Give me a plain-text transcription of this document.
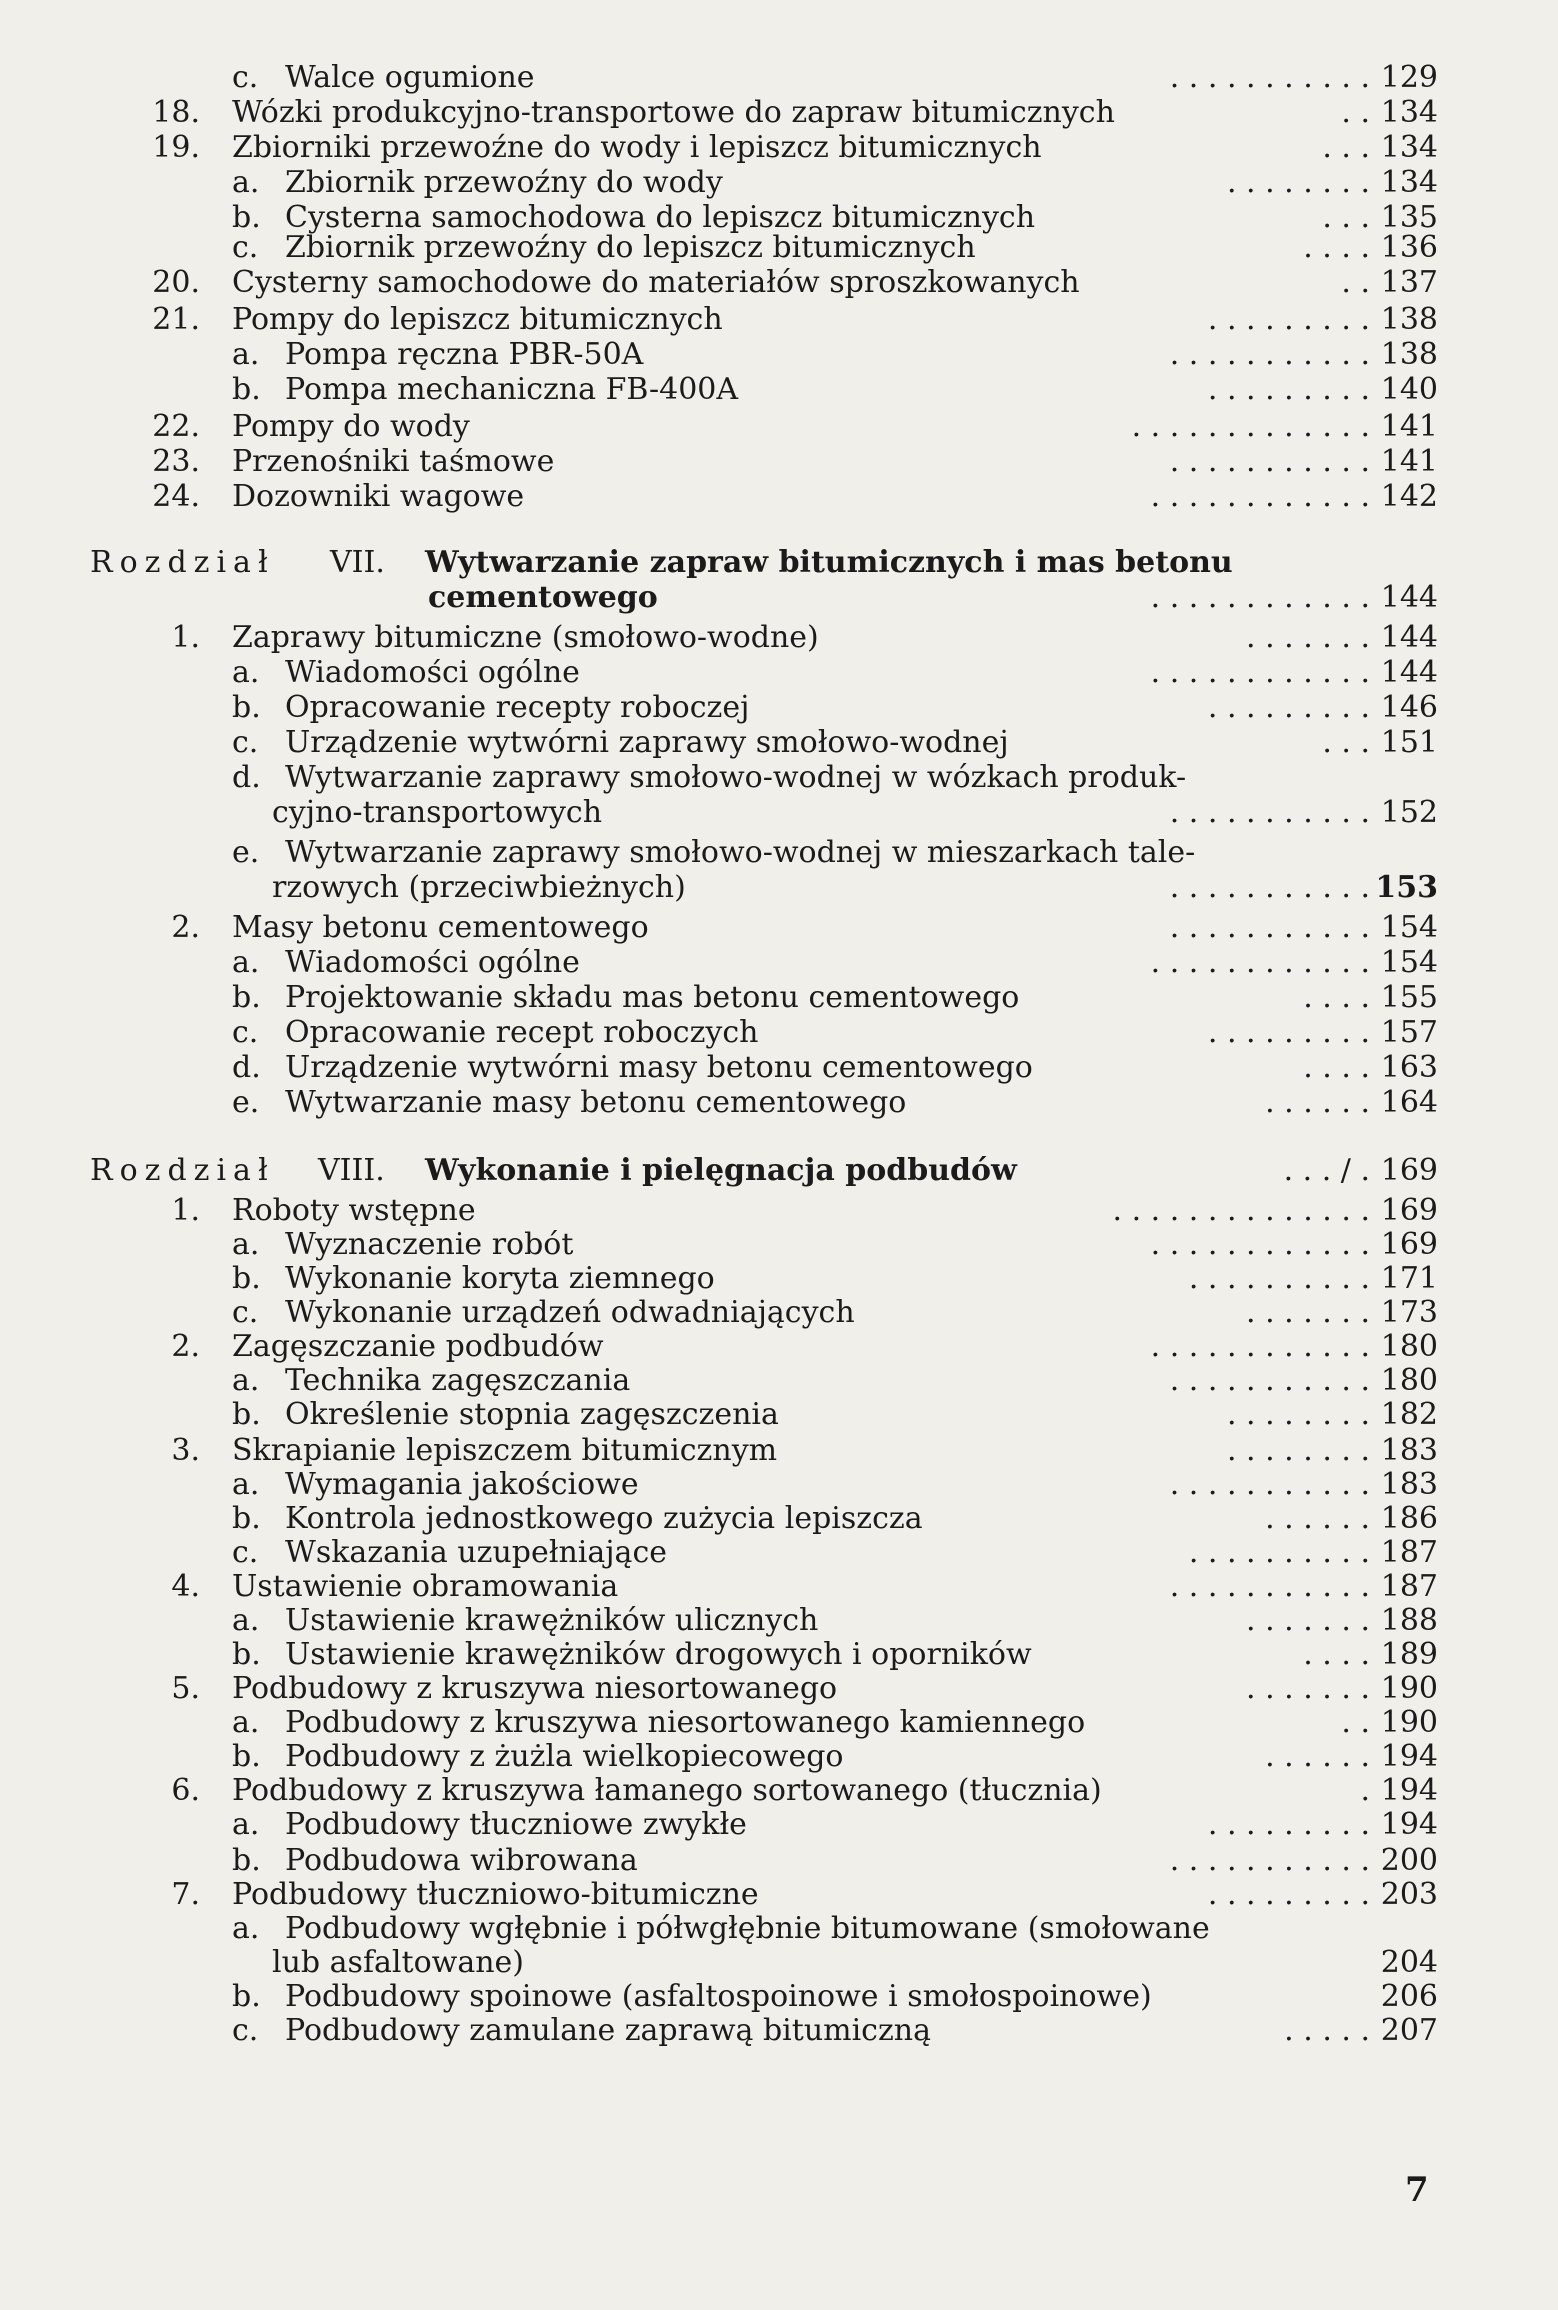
c. Walce ogumione	. . . . . . . . . . . 129
18. Wózki produkcyjno-transportowe do zapraw bitumicznych	. . 134
19. Zbiorniki przewoźne do wody i lepiszcz bitumicznych	. . . 134
a. Zbiornik przewoźny do wody	. . . . . . . . 134
b. Cysterna samochodowa do lepiszcz bitumicznych	. . . 135
c. Zbiornik przewoźny do lepiszcz bitumicznych	. . . . 136
20. Cysterny samochodowe do materiałów sproszkowanych	. . 137
21. Pompy do lepiszcz bitumicznych	. . . . . . . . . 138
a. Pompa ręczna PBR-50A	. . . . . . . . . . . 138
b. Pompa mechaniczna FB-400A	. . . . . . . . . 140
22. Pompy do wody	. . . . . . . . . . . . . 141
23. Przenośniki taśmowe	. . . . . . . . . . . 141
24. Dozowniki wagowe	. . . . . . . . . . . . 142
Rozdział VII. Wytwarzanie zapraw bitumicznych i mas betonu
cementowego	. . . . . . . . . . . . 144
1. Zaprawy bitumiczne (smołowo-wodne)	. . . . . . . 144
a. Wiadomości ogólne	. . . . . . . . . . . . 144
b. Opracowanie recepty roboczej	. . . . . . . . . 146
c. Urządzenie wytwórni zaprawy smołowo-wodnej	. . . 151
d. Wytwarzanie zaprawy smołowo-wodnej w wózkach produk-
cyjno-transportowych	. . . . . . . . . . . 152
e. Wytwarzanie zaprawy smołowo-wodnej w mieszarkach tale-
rzowych (przeciwbieżnych)	. . . . . . . . . . . 153
2. Masy betonu cementowego	. . . . . . . . . . . 154
a. Wiadomości ogólne	. . . . . . . . . . . . 154
b. Projektowanie składu mas betonu cementowego	. . . . 155
c. Opracowanie recept roboczych	. . . . . . . . . 157
d. Urządzenie wytwórni masy betonu cementowego	. . . . 163
e. Wytwarzanie masy betonu cementowego	. . . . . . 164
Rozdział VIII. Wykonanie i pielęgnacja podbudów	. . . / . 169
1. Roboty wstępne	. . . . . . . . . . . . . . 169
a. Wyznaczenie robót	. . . . . . . . . . . . 169
b. Wykonanie koryta ziemnego	. . . . . . . . . . 171
c. Wykonanie urządzeń odwadniających	. . . . . . . 173
2. Zagęszczanie podbudów	. . . . . . . . . . . . 180
a. Technika zagęszczania	. . . . . . . . . . . 180
b. Określenie stopnia zagęszczenia	. . . . . . . . 182
3. Skrapianie lepiszczem bitumicznym	. . . . . . . . 183
a. Wymagania jakościowe	. . . . . . . . . . . 183
b. Kontrola jednostkowego zużycia lepiszcza	. . . . . . 186
c. Wskazania uzupełniające	. . . . . . . . . . 187
4. Ustawienie obramowania	. . . . . . . . . . . 187
a. Ustawienie krawężników ulicznych	. . . . . . . 188
b. Ustawienie krawężników drogowych i oporników	. . . . 189
5. Podbudowy z kruszywa niesortowanego	. . . . . . . 190
a. Podbudowy z kruszywa niesortowanego kamiennego	. . 190
b. Podbudowy z żużla wielkopiecowego	. . . . . . 194
6. Podbudowy z kruszywa łamanego sortowanego (tłucznia)	. 194
a. Podbudowy tłuczniowe zwykłe	. . . . . . . . . 194
b. Podbudowa wibrowana	. . . . . . . . . . . 200
7. Podbudowy tłuczniowo-bitumiczne	. . . . . . . . . 203
a. Podbudowy wgłębnie i półwgłębnie bitumowane (smołowane
lub asfaltowane)	204
b. Podbudowy spoinowe (asfaltospoinowe i smołospoinowe)	206
c. Podbudowy zamulane zaprawą bitumiczną	. . . . . 207
7
